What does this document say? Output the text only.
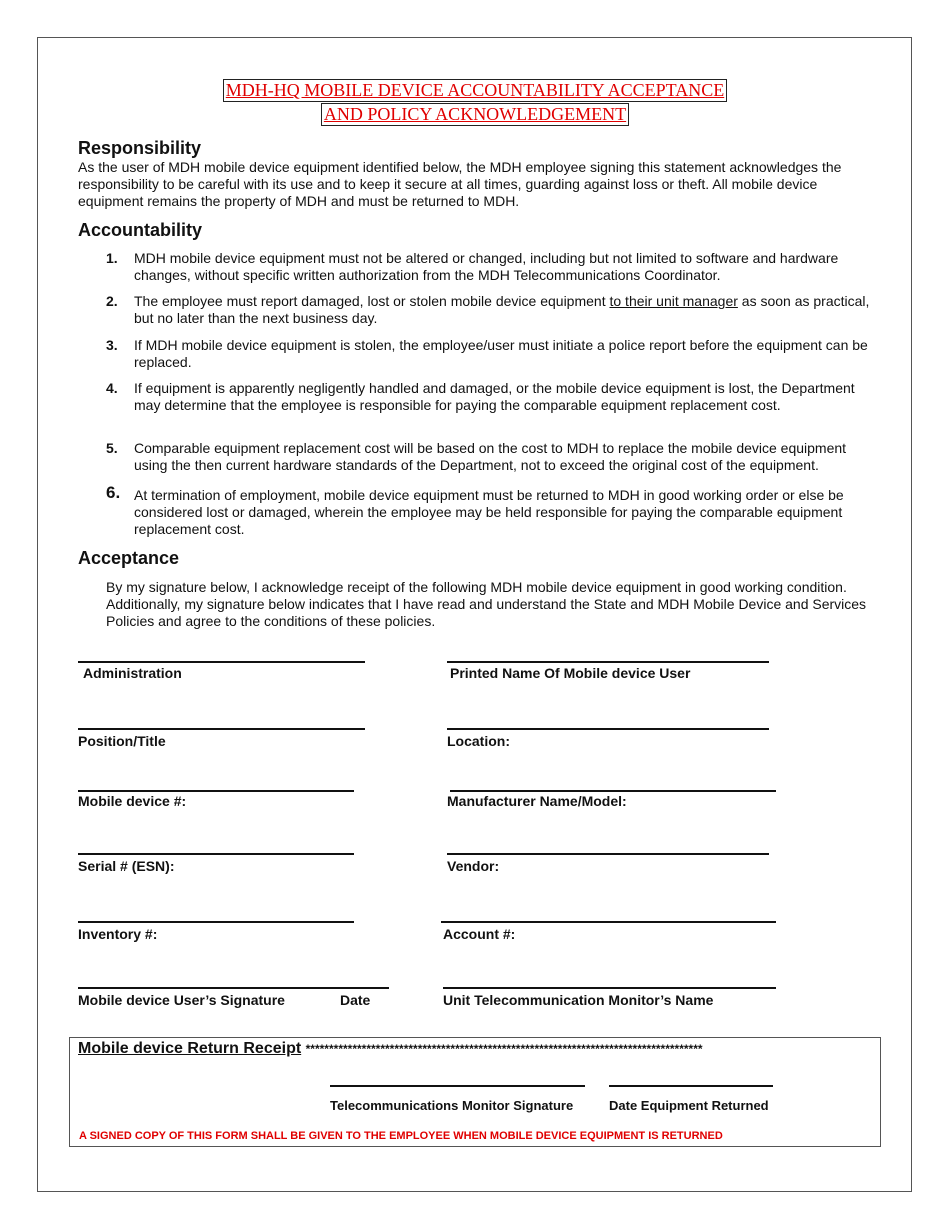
MDH-HQ MOBILE DEVICE ACCOUNTABILITY ACCEPTANCE
AND POLICY ACKNOWLEDGEMENT
Responsibility
As the user of MDH mobile device equipment identified below, the MDH employee signing this statement acknowledges the responsibility to be careful with its use and to keep it secure at all times, guarding against loss or theft. All mobile device equipment remains the property of MDH and must be returned to MDH.
Accountability
1. MDH mobile device equipment must not be altered or changed, including but not limited to software and hardware changes, without specific written authorization from the MDH Telecommunications Coordinator.
2. The employee must report damaged, lost or stolen mobile device equipment to their unit manager as soon as practical, but no later than the next business day.
3. If MDH mobile device equipment is stolen, the employee/user must initiate a police report before the equipment can be replaced.
4. If equipment is apparently negligently handled and damaged, or the mobile device equipment is lost, the Department may determine that the employee is responsible for paying the comparable equipment replacement cost.
5. Comparable equipment replacement cost will be based on the cost to MDH to replace the mobile device equipment using the then current hardware standards of the Department, not to exceed the original cost of the equipment.
6. At termination of employment, mobile device equipment must be returned to MDH in good working order or else be considered lost or damaged, wherein the employee may be held responsible for paying the comparable equipment replacement cost.
Acceptance
By my signature below, I acknowledge receipt of the following MDH mobile device equipment in good working condition. Additionally, my signature below indicates that I have read and understand the State and MDH Mobile Device and Services Policies and agree to the conditions of these policies.
Administration	Printed Name Of Mobile device User
Position/Title	Location:
Mobile device #:	Manufacturer Name/Model:
Serial # (ESN):	Vendor:
Inventory #:	Account #:
Mobile device User’s Signature	Date	Unit Telecommunication Monitor’s Name
Mobile device Return Receipt *************************************************************************************
Telecommunications Monitor Signature	Date Equipment Returned
A SIGNED COPY OF THIS FORM SHALL BE GIVEN TO THE EMPLOYEE WHEN MOBILE DEVICE EQUIPMENT IS RETURNED
